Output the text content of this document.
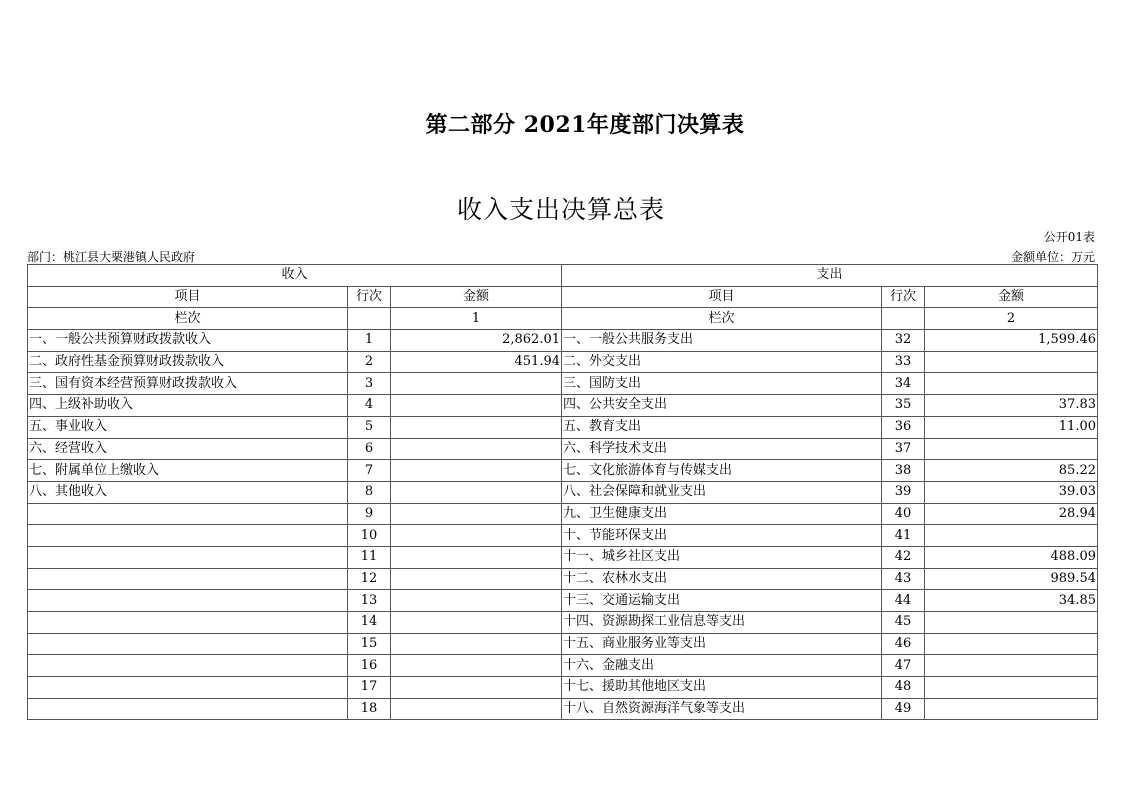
第二部分 2021年度部门决算表
收入支出决算总表
公开01表
部门：桃江县大栗港镇人民政府	金额单位：万元
收入			支出		
项目	行次	金额	项目	行次	金额
栏次		1	栏次		2
一、一般公共预算财政拨款收入	1	2,862.01	一、一般公共服务支出	32	1,599.46
二、政府性基金预算财政拨款收入	2	451.94	二、外交支出	33	
三、国有资本经营预算财政拨款收入	3		三、国防支出	34	
四、上级补助收入	4		四、公共安全支出	35	37.83
五、事业收入	5		五、教育支出	36	11.00
六、经营收入	6		六、科学技术支出	37	
七、附属单位上缴收入	7		七、文化旅游体育与传媒支出	38	85.22
八、其他收入	8		八、社会保障和就业支出	39	39.03
	9		九、卫生健康支出	40	28.94
	10		十、节能环保支出	41	
	11		十一、城乡社区支出	42	488.09
	12		十二、农林水支出	43	989.54
	13		十三、交通运输支出	44	34.85
	14		十四、资源勘探工业信息等支出	45	
	15		十五、商业服务业等支出	46	
	16		十六、金融支出	47	
	17		十七、援助其他地区支出	48	
	18		十八、自然资源海洋气象等支出	49	
